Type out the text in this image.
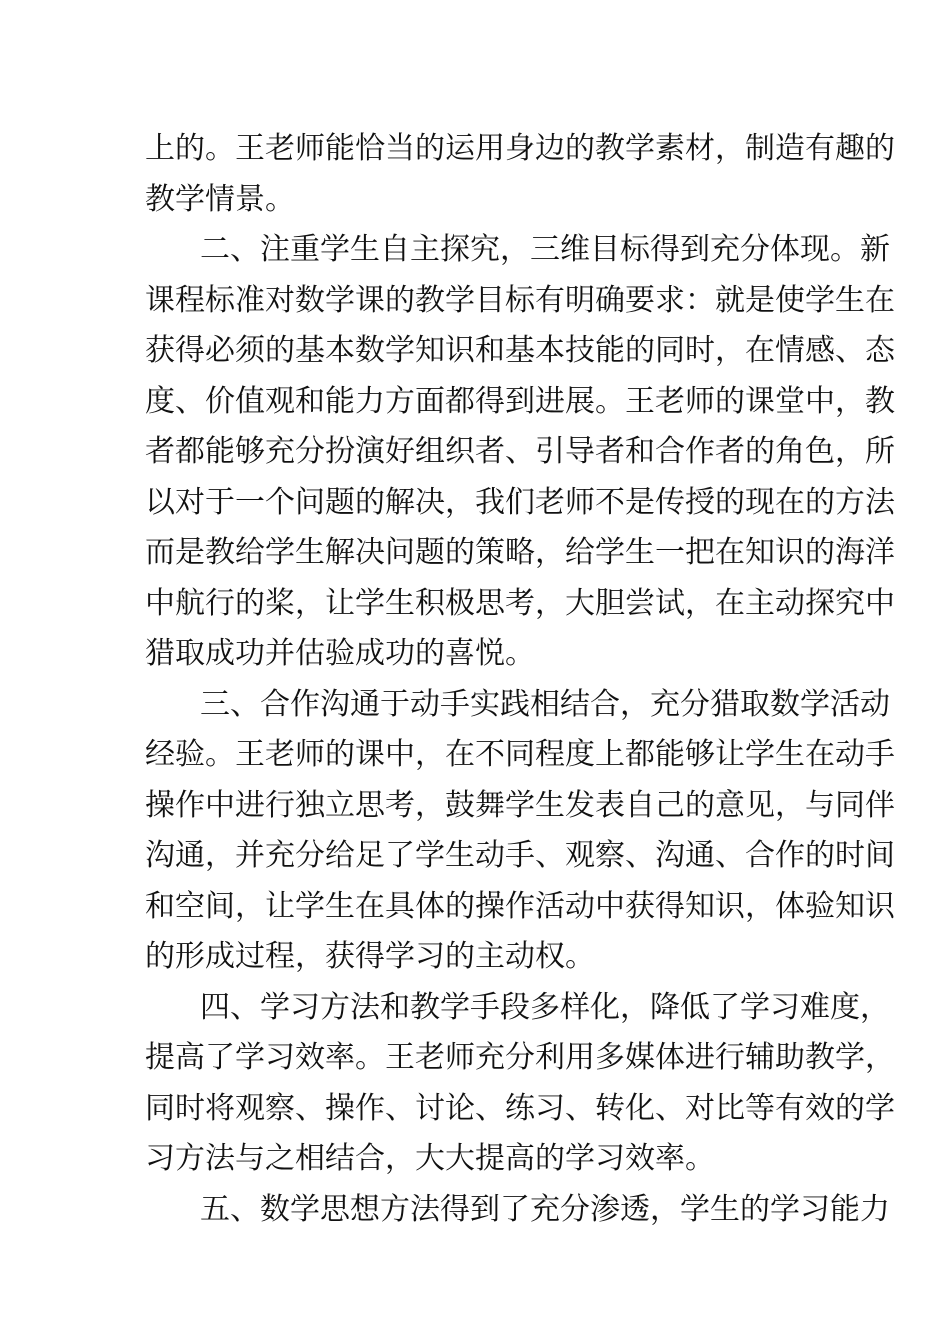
上的。王老师能恰当的运用身边的教学素材，制造有趣的
教学情景。
二、注重学生自主探究，三维目标得到充分体现。新
课程标准对数学课的教学目标有明确要求：就是使学生在
获得必须的基本数学知识和基本技能的同时，在情感、态
度、价值观和能力方面都得到进展。王老师的课堂中，教
者都能够充分扮演好组织者、引导者和合作者的角色，所
以对于一个问题的解决，我们老师不是传授的现在的方法
而是教给学生解决问题的策略，给学生一把在知识的海洋
中航行的桨，让学生积极思考，大胆尝试，在主动探究中
猎取成功并估验成功的喜悦。
三、合作沟通于动手实践相结合，充分猎取数学活动
经验。王老师的课中，在不同程度上都能够让学生在动手
操作中进行独立思考，鼓舞学生发表自己的意见，与同伴
沟通，并充分给足了学生动手、观察、沟通、合作的时间
和空间，让学生在具体的操作活动中获得知识，体验知识
的形成过程，获得学习的主动权。
四、学习方法和教学手段多样化，降低了学习难度，
提高了学习效率。王老师充分利用多媒体进行辅助教学，
同时将观察、操作、讨论、练习、转化、对比等有效的学
习方法与之相结合，大大提高的学习效率。
五、数学思想方法得到了充分渗透，学生的学习能力
